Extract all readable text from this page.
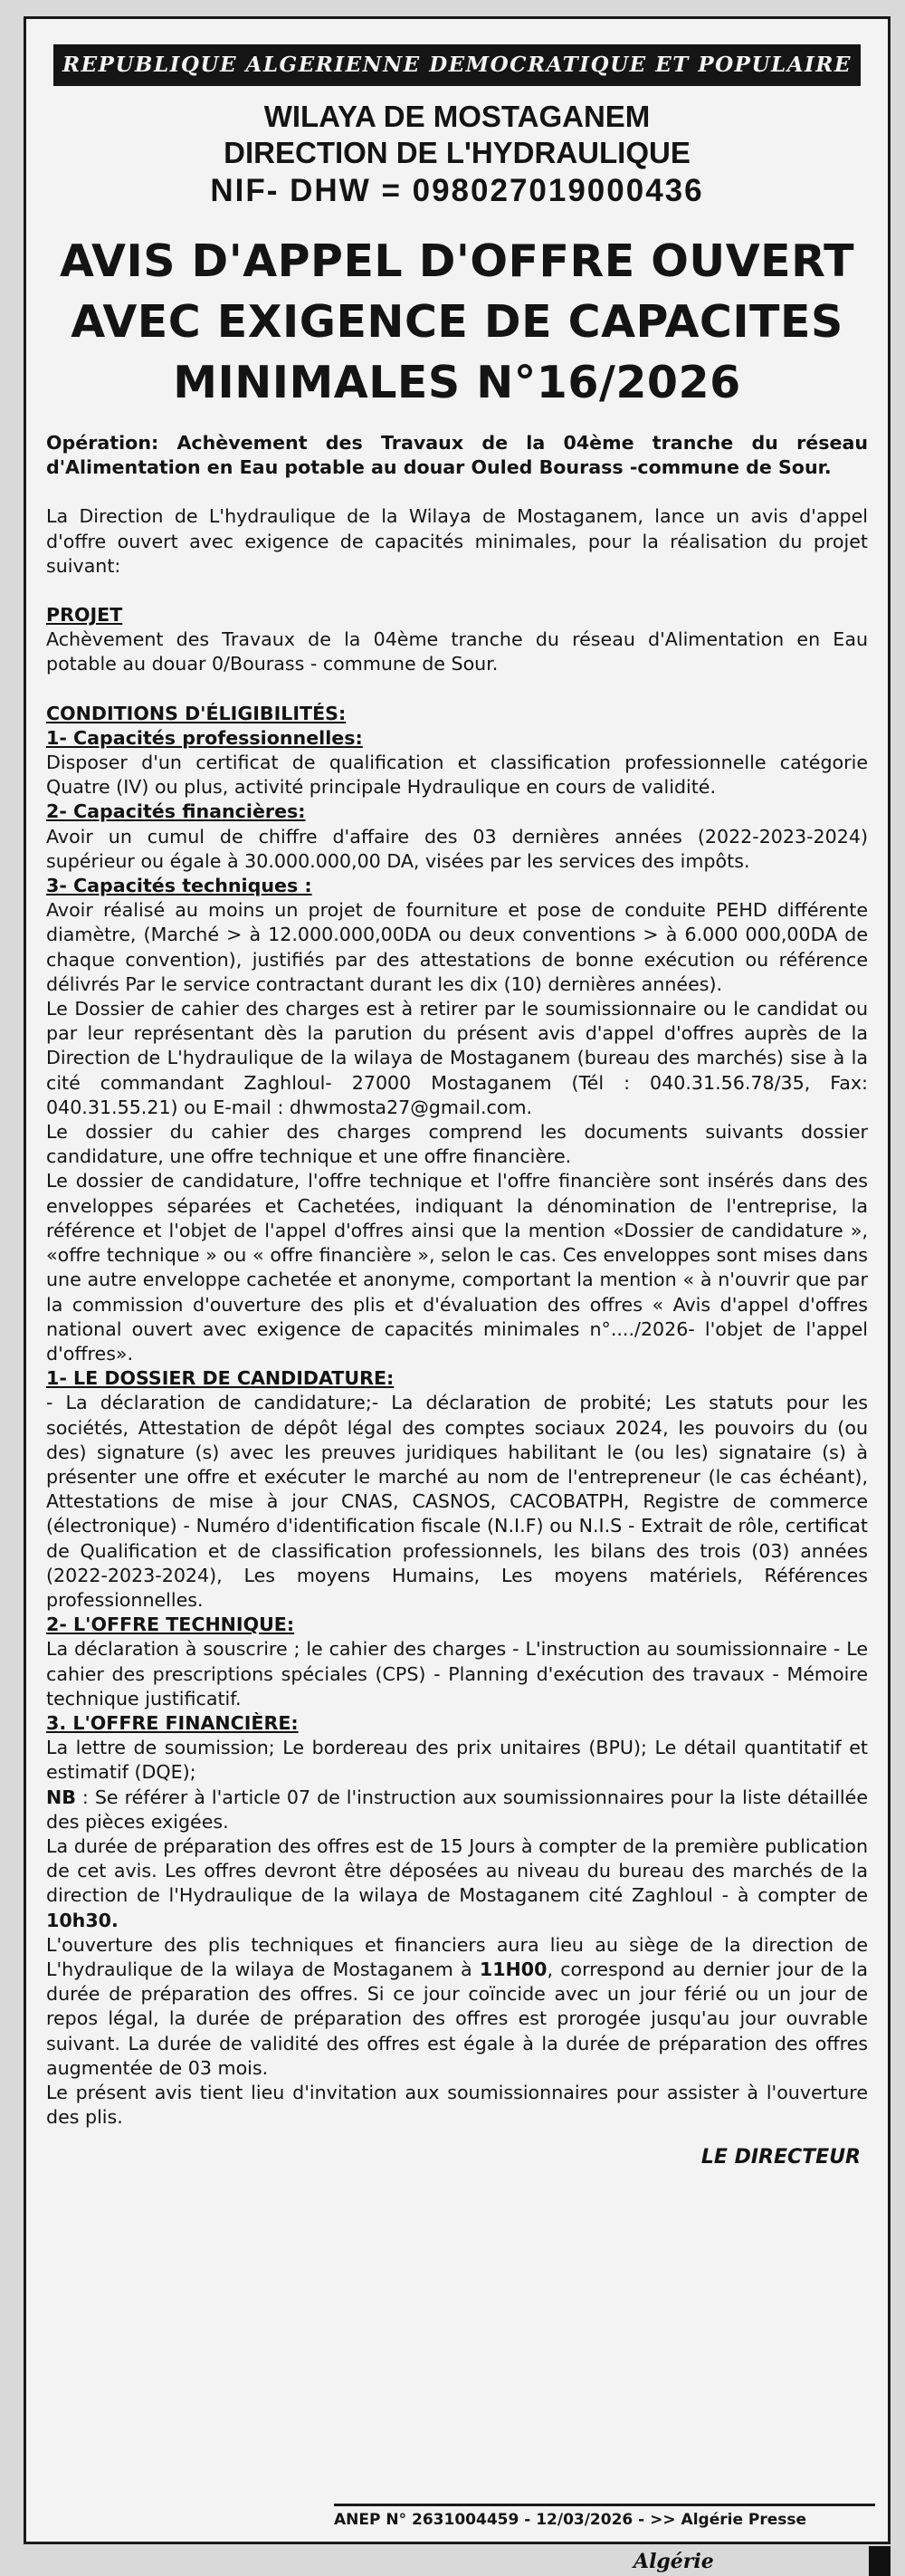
REPUBLIQUE ALGERIENNE DEMOCRATIQUE ET POPULAIRE
WILAYA DE MOSTAGANEM
DIRECTION DE L'HYDRAULIQUE
NIF- DHW = 098027019000436
AVIS D'APPEL D'OFFRE OUVERT
AVEC EXIGENCE DE CAPACITES
MINIMALES N°16/2026

Opération: Achèvement des Travaux de la 04ème tranche du réseau d'Alimentation en Eau potable au douar Ouled Bourass -commune de Sour.

La Direction de L'hydraulique de la Wilaya de Mostaganem, lance un avis d'appel d'offre ouvert avec exigence de capacités minimales, pour la réalisation du projet suivant:

PROJET

Achèvement des Travaux de la 04ème tranche du réseau d'Alimentation en Eau potable au douar 0/Bourass - commune de Sour.

CONDITIONS D'ÉLIGIBILITÉS:

1- Capacités professionnelles:

Disposer d'un certificat de qualification et classification professionnelle catégorie Quatre (IV) ou plus, activité principale Hydraulique en cours de validité.

2- Capacités financières:

Avoir un cumul de chiffre d'affaire des 03 dernières années (2022-2023-2024) supérieur ou égale à 30.000.000,00 DA, visées par les services des impôts.

3- Capacités techniques :

Avoir réalisé au moins un projet de fourniture et pose de conduite PEHD différente diamètre, (Marché > à 12.000.000,00DA ou deux conventions > à 6.000 000,00DA de chaque convention), justifiés par des attestations de bonne exécution ou référence délivrés Par le service contractant durant les dix (10) dernières années).

Le Dossier de cahier des charges est à retirer par le soumissionnaire ou le candidat ou par leur représentant dès la parution du présent avis d'appel d'offres auprès de la Direction de L'hydraulique de la wilaya de Mostaganem (bureau des marchés) sise à la cité commandant Zaghloul- 27000 Mostaganem (Tél : 040.31.56.78/35, Fax: 040.31.55.21) ou E-mail : dhwmosta27@gmail.com.

Le dossier du cahier des charges comprend les documents suivants dossier candidature, une offre technique et une offre financière.

Le dossier de candidature, l'offre technique et l'offre financière sont insérés dans des enveloppes séparées et Cachetées, indiquant la dénomination de l'entreprise, la référence et l'objet de l'appel d'offres ainsi que la mention «Dossier de candidature », «offre technique » ou « offre financière », selon le cas. Ces enveloppes sont mises dans une autre enveloppe cachetée et anonyme, comportant la mention « à n'ouvrir que par la commission d'ouverture des plis et d'évaluation des offres « Avis d'appel d'offres national ouvert avec exigence de capacités minimales n°..../2026- l'objet de l'appel d'offres».

1- LE DOSSIER DE CANDIDATURE:

- La déclaration de candidature;- La déclaration de probité; Les statuts pour les sociétés, Attestation de dépôt légal des comptes sociaux 2024, les pouvoirs du (ou des) signature (s) avec les preuves juridiques habilitant le (ou les) signataire (s) à présenter une offre et exécuter le marché au nom de l'entrepreneur (le cas échéant), Attestations de mise à jour CNAS, CASNOS, CACOBATPH, Registre de commerce (électronique) - Numéro d'identification fiscale (N.I.F) ou N.I.S - Extrait de rôle, certificat de Qualification et de classification professionnels, les bilans des trois (03) années (2022-2023-2024), Les moyens Humains, Les moyens matériels, Références professionnelles.

2- L'OFFRE TECHNIQUE:

La déclaration à souscrire ; le cahier des charges - L'instruction au soumissionnaire - Le cahier des prescriptions spéciales (CPS) - Planning d'exécution des travaux - Mémoire technique justificatif.

3. L'OFFRE FINANCIÈRE:

La lettre de soumission; Le bordereau des prix unitaires (BPU); Le détail quantitatif et estimatif (DQE);

NB : Se référer à l'article 07 de l'instruction aux soumissionnaires pour la liste détaillée des pièces exigées.

La durée de préparation des offres est de 15 Jours à compter de la première publication de cet avis. Les offres devront être déposées au niveau du bureau des marchés de la direction de l'Hydraulique de la wilaya de Mostaganem cité Zaghloul - à compter de 10h30.

L'ouverture des plis techniques et financiers aura lieu au siège de la direction de L'hydraulique de la wilaya de Mostaganem à 11H00, correspond au dernier jour de la durée de préparation des offres. Si ce jour coïncide avec un jour férié ou un jour de repos légal, la durée de préparation des offres est prorogée jusqu'au jour ouvrable suivant. La durée de validité des offres est égale à la durée de préparation des offres augmentée de 03 mois.

Le présent avis tient lieu d'invitation aux soumissionnaires pour assister à l'ouverture des plis.

LE DIRECTEUR
ANEP N° 2631004459 - 12/03/2026 - >> Algérie Presse
Algérie
